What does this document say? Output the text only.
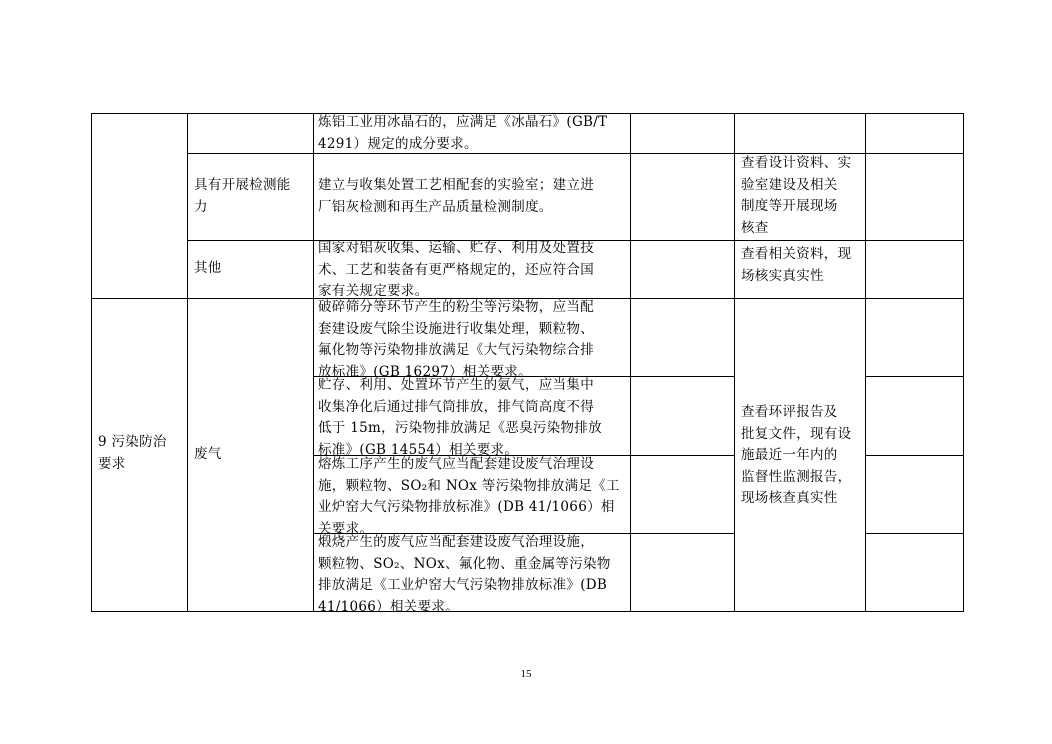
炼铝工业用冰晶石的，应满足《冰晶石》(GB/T
4291）规定的成分要求。
具有开展检测能
力
建立与收集处置工艺相配套的实验室；建立进
厂铝灰检测和再生产品质量检测制度。
查看设计资料、实
验室建设及相关
制度等开展现场
核查
其他
国家对铝灰收集、运输、贮存、利用及处置技
术、工艺和装备有更严格规定的，还应符合国
家有关规定要求。
查看相关资料，现
场核实真实性
9 污染防治
要求
废气
破碎筛分等环节产生的粉尘等污染物，应当配
套建设废气除尘设施进行收集处理，颗粒物、
氟化物等污染物排放满足《大气污染物综合排
放标准》(GB 16297）相关要求。
贮存、利用、处置环节产生的氨气，应当集中
收集净化后通过排气筒排放，排气筒高度不得
低于 15m，污染物排放满足《恶臭污染物排放
标准》(GB 14554）相关要求。
熔炼工序产生的废气应当配套建设废气治理设
施，颗粒物、SO₂和 NOx 等污染物排放满足《工
业炉窑大气污染物排放标准》(DB 41/1066）相
关要求。
煅烧产生的废气应当配套建设废气治理设施，
颗粒物、SO₂、NOx、氟化物、重金属等污染物
排放满足《工业炉窑大气污染物排放标准》(DB
41/1066）相关要求。
查看环评报告及
批复文件，现有设
施最近一年内的
监督性监测报告，
现场核查真实性
15
